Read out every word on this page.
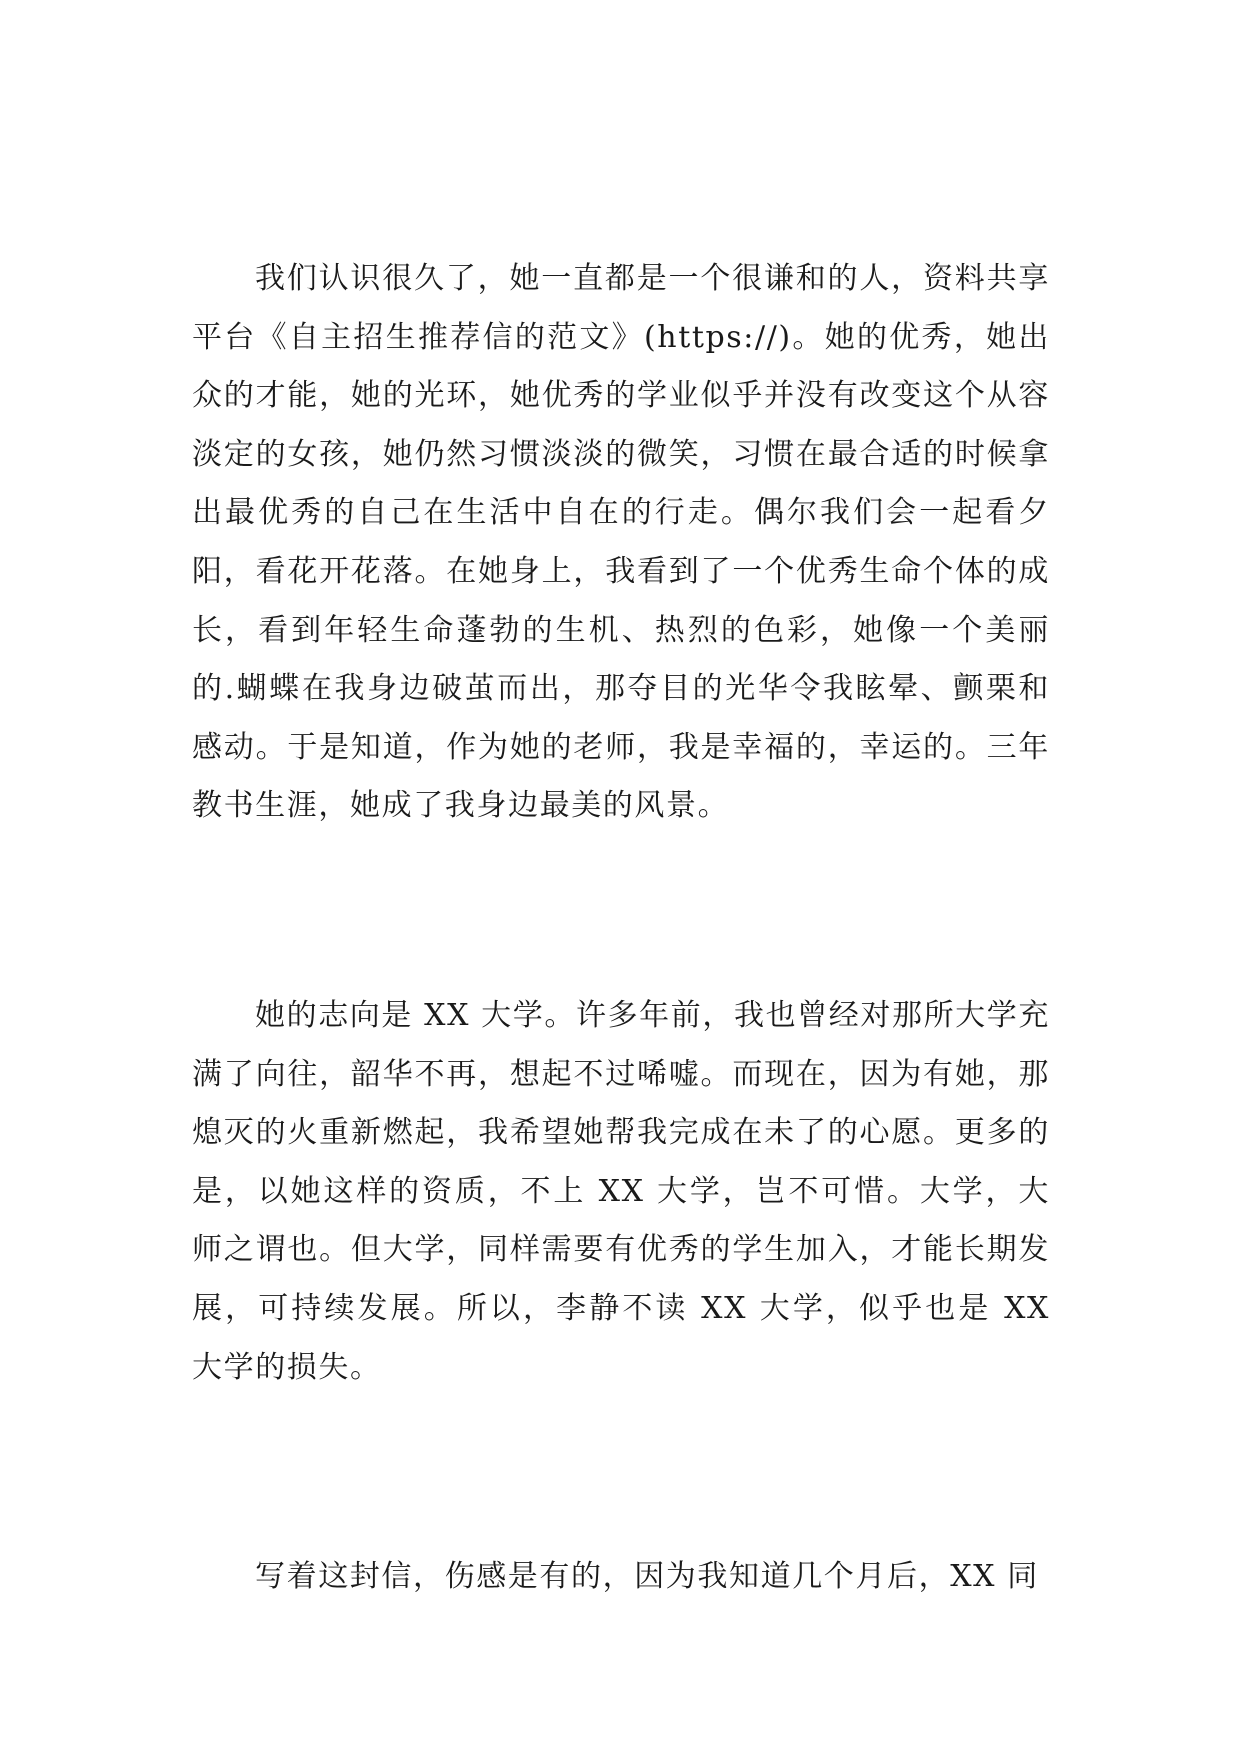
我们认识很久了，她一直都是一个很谦和的人，资料共享平台《自主招生推荐信的范文》(https://)。她的优秀，她出众的才能，她的光环，她优秀的学业似乎并没有改变这个从容淡定的女孩，她仍然习惯淡淡的微笑，习惯在最合适的时候拿出最优秀的自己在生活中自在的行走。偶尔我们会一起看夕阳，看花开花落。在她身上，我看到了一个优秀生命个体的成长，看到年轻生命蓬勃的生机、热烈的色彩，她像一个美丽的.蝴蝶在我身边破茧而出，那夺目的光华令我眩晕、颤栗和感动。于是知道，作为她的老师，我是幸福的，幸运的。三年教书生涯，她成了我身边最美的风景。

她的志向是 XX 大学。许多年前，我也曾经对那所大学充满了向往，韶华不再，想起不过唏嘘。而现在，因为有她，那熄灭的火重新燃起，我希望她帮我完成在未了的心愿。更多的是，以她这样的资质，不上 XX 大学，岂不可惜。大学，大师之谓也。但大学，同样需要有优秀的学生加入，才能长期发展，可持续发展。所以，李静不读 XX 大学，似乎也是 XX 大学的损失。

写着这封信，伤感是有的，因为我知道几个月后，XX 同
